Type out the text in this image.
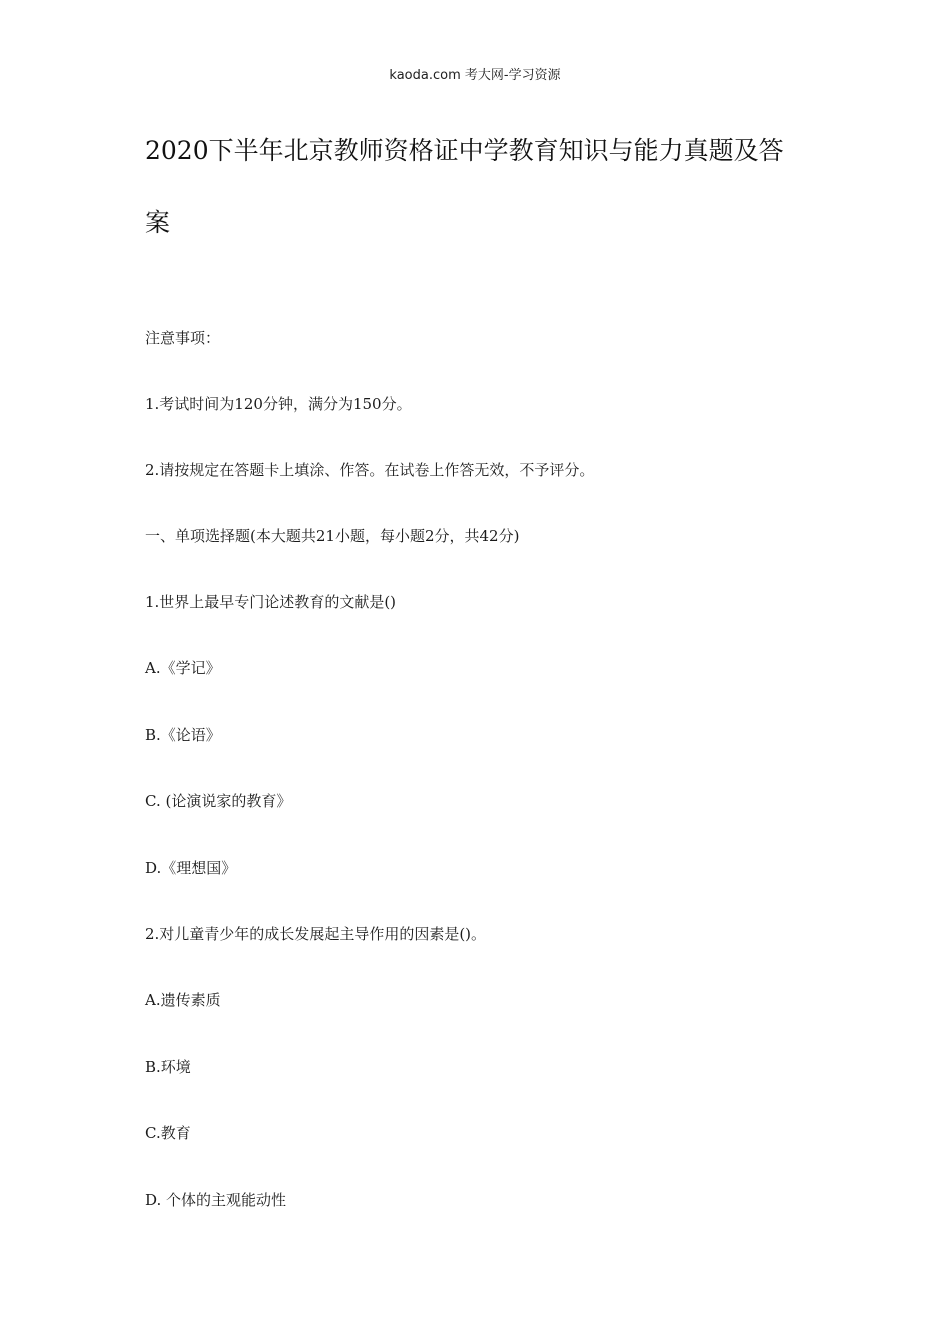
kaoda.com 考大网-学习资源
2020下半年北京教师资格证中学教育知识与能力真题及答
案
注意事项：
1.考试时间为120分钟，满分为150分。
2.请按规定在答题卡上填涂、作答。在试卷上作答无效，不予评分。
一、单项选择题(本大题共21小题，每小题2分，共42分)
1.世界上最早专门论述教育的文献是()
A.《学记》
B.《论语》
C. (论演说家的教育》
D.《理想国》
2.对儿童青少年的成长发展起主导作用的因素是()。
A.遗传素质
B.环境
C.教育
D. 个体的主观能动性
